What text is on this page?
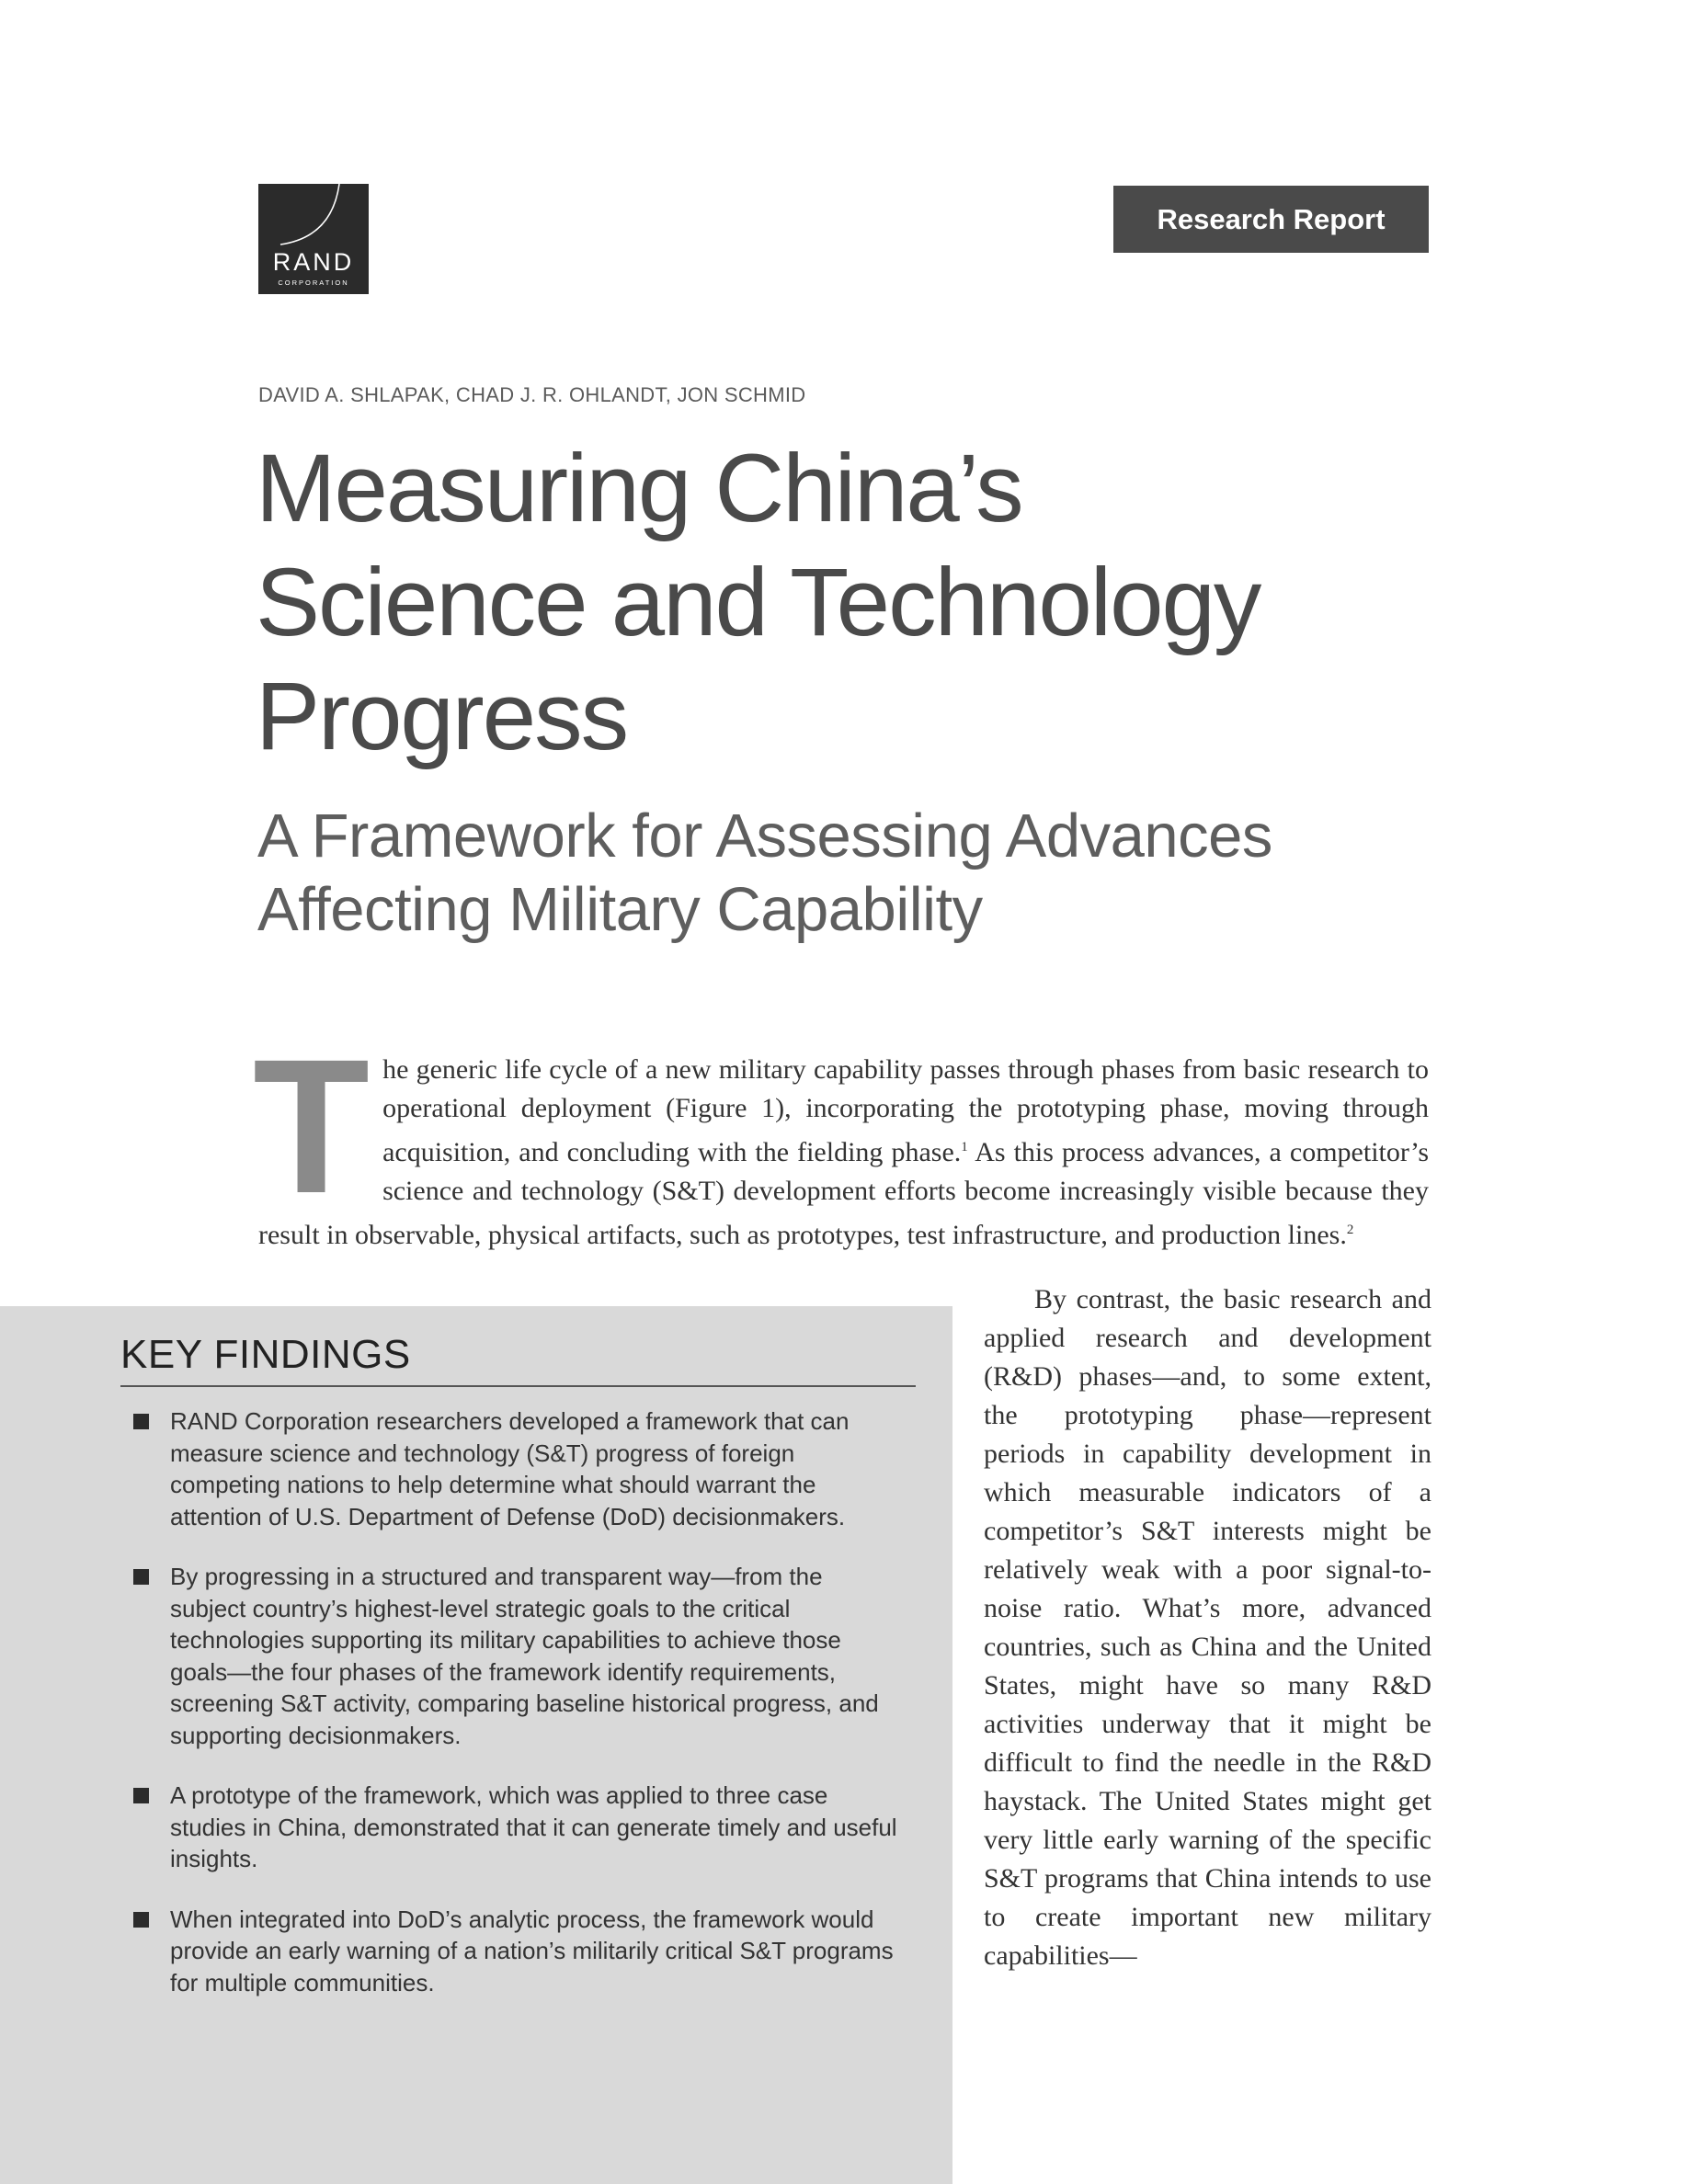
RAND
CORPORATION
Research Report
DAVID A. SHLAPAK, CHAD J. R. OHLANDT, JON SCHMID
Measuring China’s
Science and Technology
Progress
A Framework for Assessing Advances
Affecting Military Capability

The generic life cycle of a new military capability passes through phases from basic research to operational deployment (Figure 1), incorporating the prototyping phase, moving through acquisition, and concluding with the fielding phase.$^1$ As this process advances, a competitor’s science and technology (S&T) development efforts become increasingly visible because they result in observable, physical artifacts, such as prototypes, test infrastructure, and production lines.$^2$

KEY FINDINGS
RAND Corporation researchers developed a framework that can measure science and technology (S&T) progress of foreign competing nations to help determine what should warrant the attention of U.S. Department of Defense (DoD) decisionmakers.
By progressing in a structured and transparent way—from the subject country’s highest-level strategic goals to the critical technologies supporting its military capabilities to achieve those goals—the four phases of the framework identify requirements, screening S&T activity, comparing baseline historical progress, and supporting decisionmakers.
A prototype of the framework, which was applied to three case studies in China, demonstrated that it can generate timely and useful insights.
When integrated into DoD’s analytic process, the framework would provide an early warning of a nation’s militarily critical S&T programs for multiple communities.

By contrast, the basic research and applied research and development (R&D) phases—and, to some extent, the prototyping phase—represent periods in capability development in which measurable indicators of a competitor’s S&T interests might be relatively weak with a poor signal-to-noise ratio. What’s more, advanced countries, such as China and the United States, might have so many R&D activities underway that it might be difficult to find the needle in the R&D haystack. The United States might get very little early warning of the specific S&T programs that China intends to use to create important new military capabilities—
